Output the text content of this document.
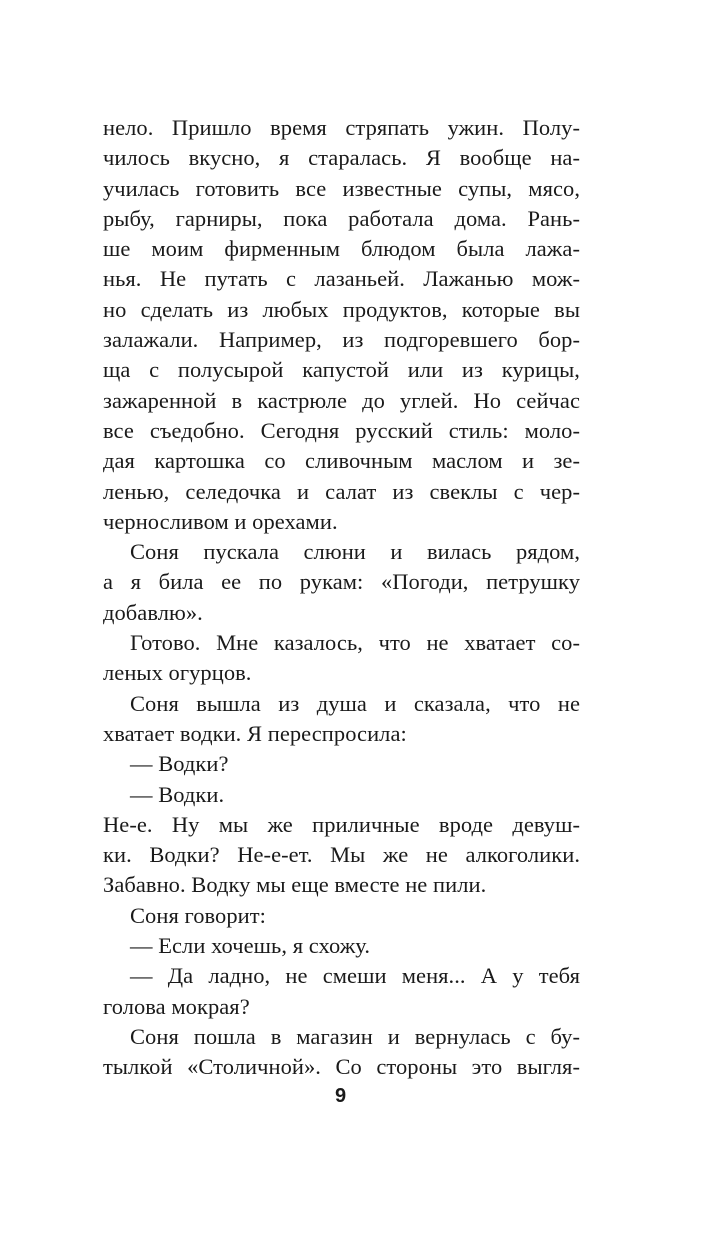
нело. Пришло время стряпать ужин. Полу-
чилось вкусно, я старалась. Я вообще на-
училась готовить все известные супы, мясо,
рыбу, гарниры, пока работала дома. Рань-
ше моим фирменным блюдом была лажа-
нья. Не путать с лазаньей. Лажанью мож-
но сделать из любых продуктов, которые вы
залажали. Например, из подгоревшего бор-
ща с полусырой капустой или из курицы,
зажаренной в кастрюле до углей. Но сейчас
все съедобно. Сегодня русский стиль: моло-
дая картошка со сливочным маслом и зе-
ленью, селедочка и салат из свеклы с чер-
черносливом и орехами.
Соня пускала слюни и вилась рядом,
а я била ее по рукам: «Погоди, петрушку
добавлю».
Готово. Мне казалось, что не хватает со-
леных огурцов.
Соня вышла из душа и сказала, что не
хватает водки. Я переспросила:
— Водки?
— Водки.
Не-е. Ну мы же приличные вроде девуш-
ки. Водки? Не-е-ет. Мы же не алкоголики.
Забавно. Водку мы еще вместе не пили.
Соня говорит:
— Если хочешь, я схожу.
— Да ладно, не смеши меня... А у тебя
голова мокрая?
Соня пошла в магазин и вернулась с бу-
тылкой «Столичной». Со стороны это выгля-
9
